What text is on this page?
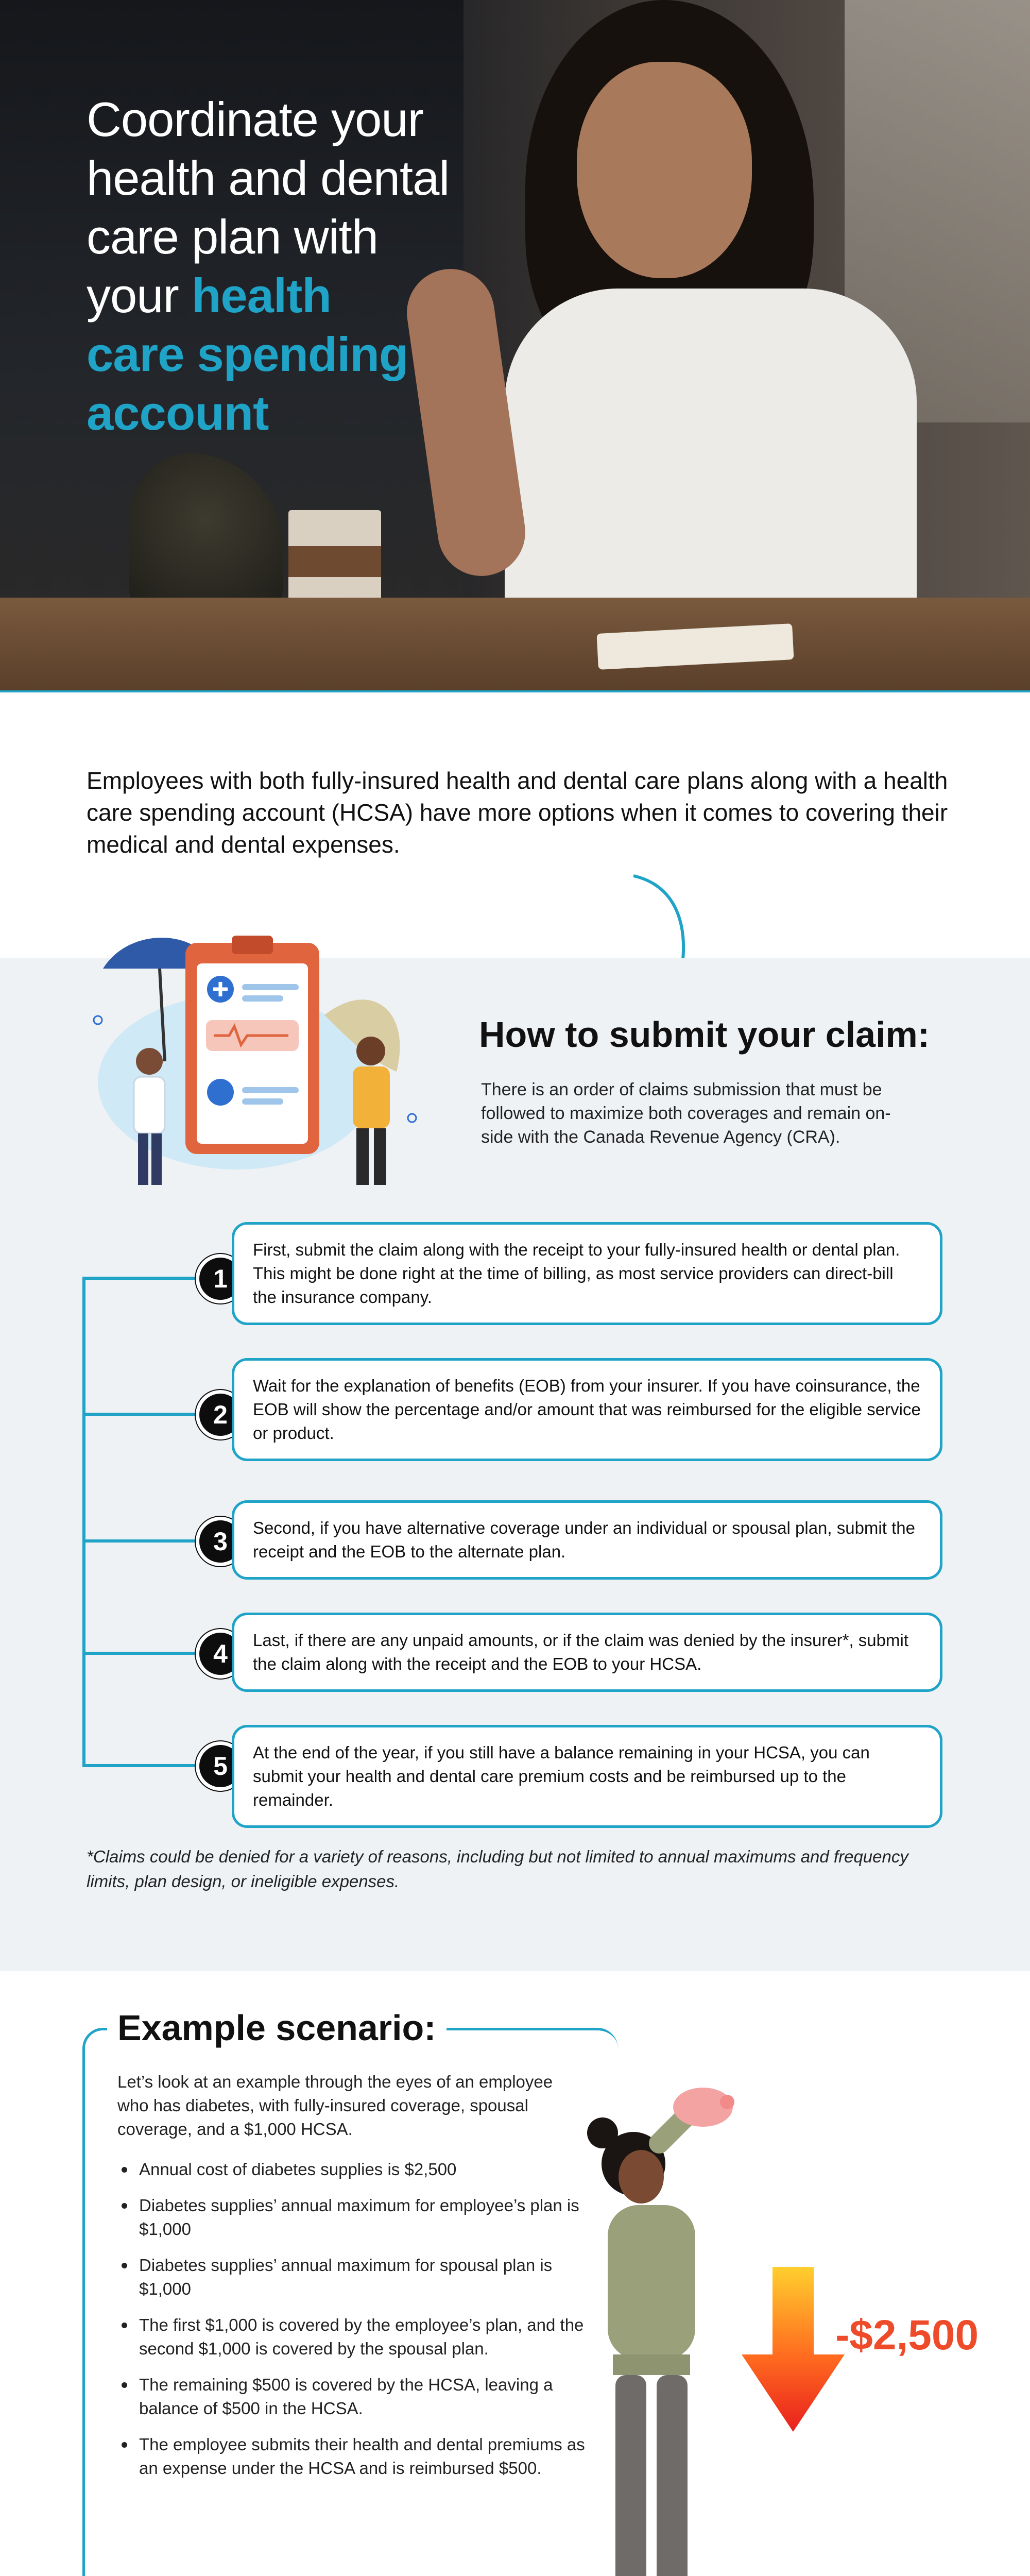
Coordinate your
health and dental
care plan with
your health
care spending
account

Employees with both fully-insured health and dental care plans along with a health care spending account (HCSA) have more options when it comes to covering their medical and dental expenses.

How to submit your claim:

There is an order of claims submission that must be followed to maximize both coverages and remain on-side with the Canada Revenue Agency (CRA).

1
First, submit the claim along with the receipt to your fully-insured health or dental plan. This might be done right at the time of billing, as most service providers can direct-bill the insurance company.
2
Wait for the explanation of benefits (EOB) from your insurer. If you have coinsurance, the EOB will show the percentage and/or amount that was reimbursed for the eligible service or product.
3	Second, if you have alternative coverage under an individual or spousal plan, submit the receipt and the EOB to the alternate plan.
4	Last, if there are any unpaid amounts, or if the claim was denied by the insurer*, submit the claim along with the receipt and the EOB to your HCSA.
5	At the end of the year, if you still have a balance remaining in your HCSA, you can submit your health and dental care premium costs and be reimbursed up to the remainder.

*Claims could be denied for a variety of reasons, including but not limited to annual maximums and frequency limits, plan design, or ineligible expenses.

Example scenario:

Let’s look at an example through the eyes of an employee who has diabetes, with fully-insured coverage, spousal coverage, and a $1,000 HCSA.

Annual cost of diabetes supplies is $2,500
Diabetes supplies’ annual maximum for employee’s plan is $1,000
Diabetes supplies’ annual maximum for spousal plan is $1,000
The first $1,000 is covered by the employee’s plan, and the second $1,000 is covered by the spousal plan.
The remaining $500 is covered by the HCSA, leaving a balance of $500 in the HCSA.
The employee submits their health and dental premiums as an expense under the HCSA and is reimbursed $500.
-$2,500
